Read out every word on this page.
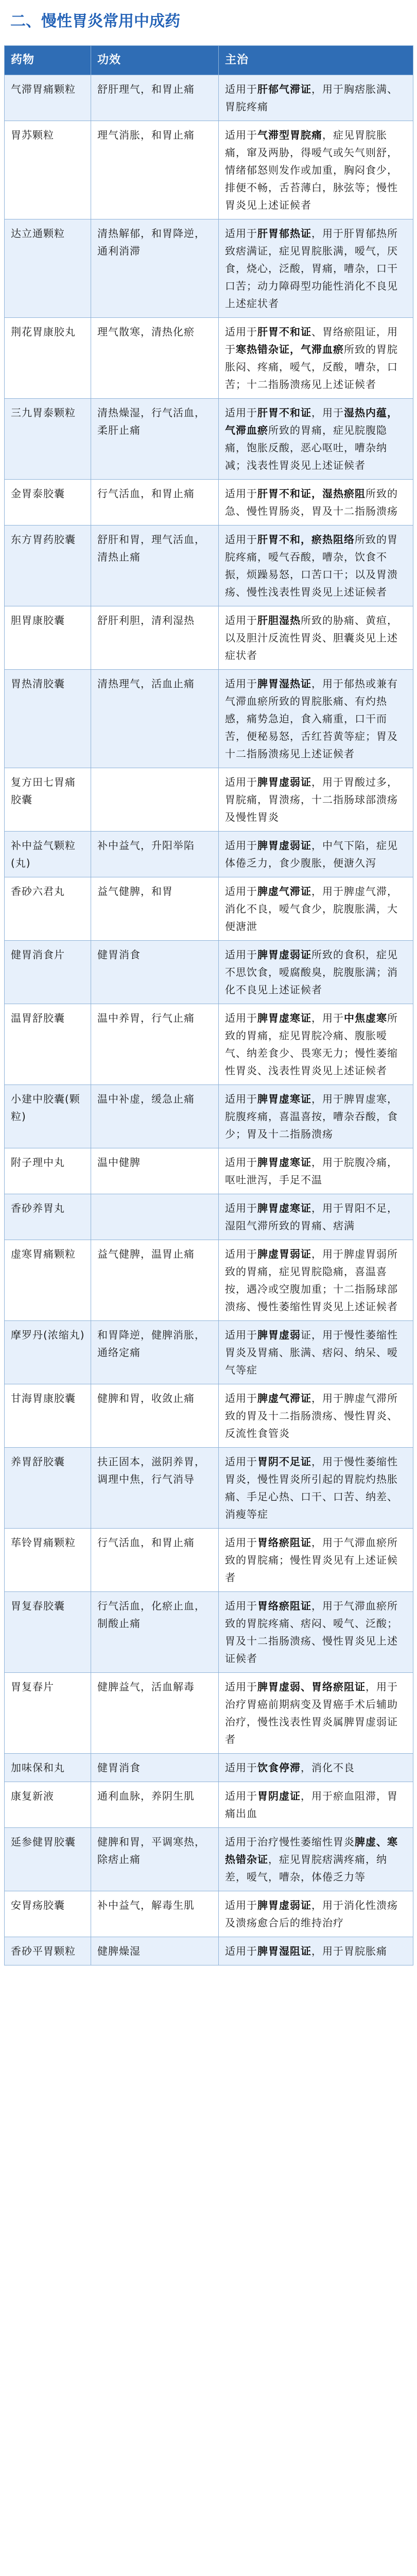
二、慢性胃炎常用中成药
药物	功效	主治
气滞胃痛颗粒	舒肝理气，和胃止痛	适用于肝郁气滞证，用于胸痞胀满、胃脘疼痛
胃苏颗粒	理气消胀，和胃止痛	适用于气滞型胃脘痛，症见胃脘胀痛，窜及两胁，得嗳气或矢气则舒，情绪郁怒则发作或加重，胸闷食少，排便不畅，舌苔薄白，脉弦等；慢性胃炎见上述证候者
达立通颗粒	清热解郁，和胃降逆，通利消滞	适用于肝胃郁热证，用于肝胃郁热所致痞满证，症见胃脘胀满，嗳气，厌食，烧心，泛酸，胃痛，嘈杂，口干口苦；动力障碍型功能性消化不良见上述症状者
荆花胃康胶丸	理气散寒，清热化瘀	适用于肝胃不和证、胃络瘀阻证，用于寒热错杂证，气滞血瘀所致的胃脘胀闷、疼痛，嗳气，反酸，嘈杂，口苦；十二指肠溃疡见上述证候者
三九胃泰颗粒	清热燥湿，行气活血，柔肝止痛	适用于肝胃不和证，用于湿热内蕴，气滞血瘀所致的胃痛，症见脘腹隐痛，饱胀反酸，恶心呕吐，嘈杂纳减；浅表性胃炎见上述证候者
金胃泰胶囊	行气活血，和胃止痛	适用于肝胃不和证，湿热瘀阻所致的急、慢性胃肠炎，胃及十二指肠溃疡
东方胃药胶囊	舒肝和胃，理气活血，清热止痛	适用于肝胃不和，瘀热阻络所致的胃脘疼痛，嗳气吞酸，嘈杂，饮食不振，烦躁易怒，口苦口干；以及胃溃疡、慢性浅表性胃炎见上述证候者
胆胃康胶囊	舒肝利胆，清利湿热	适用于肝胆湿热所致的胁痛、黄疸，以及胆汁反流性胃炎、胆囊炎见上述症状者
胃热清胶囊	清热理气，活血止痛	适用于脾胃湿热证，用于郁热或兼有气滞血瘀所致的胃脘胀痛、有灼热感，痛势急迫，食入痛重，口干而苦，便秘易怒，舌红苔黄等症；胃及十二指肠溃疡见上述证候者
复方田七胃痛胶囊		适用于脾胃虚弱证，用于胃酸过多，胃脘痛，胃溃疡，十二指肠球部溃疡及慢性胃炎
补中益气颗粒(丸)	补中益气，升阳举陷	适用于脾胃虚弱证，中气下陷，症见体倦乏力，食少腹胀，便溏久泻
香砂六君丸	益气健脾，和胃	适用于脾虚气滞证，用于脾虚气滞，消化不良，嗳气食少，脘腹胀满，大便溏泄
健胃消食片	健胃消食	适用于脾胃虚弱证所致的食积，症见不思饮食，嗳腐酸臭，脘腹胀满；消化不良见上述证候者
温胃舒胶囊	温中养胃，行气止痛	适用于脾胃虚寒证，用于中焦虚寒所致的胃痛，症见胃脘冷痛、腹胀嗳气、纳差食少、畏寒无力；慢性萎缩性胃炎、浅表性胃炎见上述证候者
小建中胶囊(颗粒)	温中补虚，缓急止痛	适用于脾胃虚寒证，用于脾胃虚寒，脘腹疼痛，喜温喜按，嘈杂吞酸，食少；胃及十二指肠溃疡
附子理中丸	温中健脾	适用于脾胃虚寒证，用于脘腹冷痛，呕吐泄泻，手足不温
香砂养胃丸		适用于脾胃虚寒证，用于胃阳不足，湿阻气滞所致的胃痛、痞满
虚寒胃痛颗粒	益气健脾，温胃止痛	适用于脾虚胃弱证，用于脾虚胃弱所致的胃痛，症见胃脘隐痛，喜温喜按，遇冷或空腹加重；十二指肠球部溃疡、慢性萎缩性胃炎见上述证候者
摩罗丹(浓缩丸)	和胃降逆，健脾消胀，通络定痛	适用于脾胃虚弱证，用于慢性萎缩性胃炎及胃痛、胀满、痞闷、纳呆、嗳气等症
甘海胃康胶囊	健脾和胃，收敛止痛	适用于脾虚气滞证，用于脾虚气滞所致的胃及十二指肠溃疡、慢性胃炎、反流性食管炎
养胃舒胶囊	扶正固本，滋阴养胃，调理中焦，行气消导	适用于胃阴不足证，用于慢性萎缩性胃炎，慢性胃炎所引起的胃脘灼热胀痛、手足心热、口干、口苦、纳差、消瘦等症
荜铃胃痛颗粒	行气活血，和胃止痛	适用于胃络瘀阻证，用于气滞血瘀所致的胃脘痛；慢性胃炎见有上述证候者
胃复春胶囊	行气活血，化瘀止血，制酸止痛	适用于胃络瘀阻证，用于气滞血瘀所致的胃脘疼痛、痞闷、嗳气、泛酸；胃及十二指肠溃疡、慢性胃炎见上述证候者
胃复春片	健脾益气，活血解毒	适用于脾胃虚弱、胃络瘀阻证，用于治疗胃癌前期病变及胃癌手术后辅助治疗，慢性浅表性胃炎属脾胃虚弱证者
加味保和丸	健胃消食	适用于饮食停滞，消化不良
康复新液	通利血脉，养阴生肌	适用于胃阴虚证，用于瘀血阻滞，胃痛出血
延参健胃胶囊	健脾和胃，平调寒热，除痞止痛	适用于治疗慢性萎缩性胃炎脾虚、寒热错杂证，症见胃脘痞满疼痛，纳差，嗳气，嘈杂，体倦乏力等
安胃疡胶囊	补中益气，解毒生肌	适用于脾胃虚弱证，用于消化性溃疡及溃疡愈合后的维持治疗
香砂平胃颗粒	健脾燥湿	适用于脾胃湿阻证，用于胃脘胀痛
